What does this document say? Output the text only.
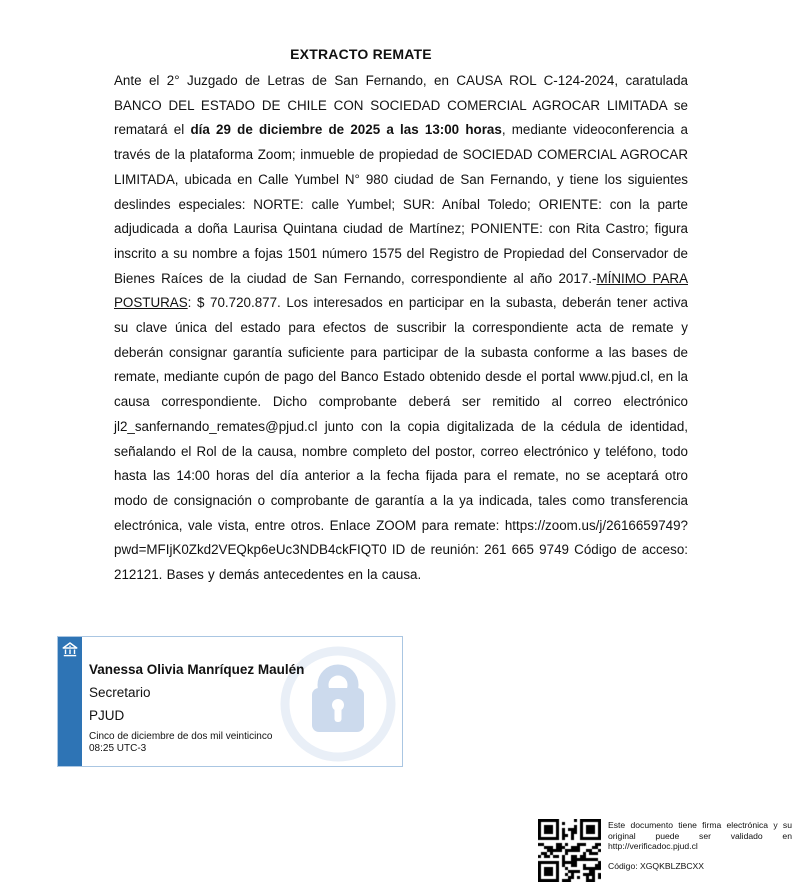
EXTRACTO REMATE
Ante el 2° Juzgado de Letras de San Fernando, en CAUSA ROL C-124-2024, caratulada BANCO DEL ESTADO DE CHILE CON SOCIEDAD COMERCIAL AGROCAR LIMITADA se rematará el día 29 de diciembre de 2025 a las 13:00 horas, mediante videoconferencia a través de la plataforma Zoom; inmueble de propiedad de SOCIEDAD COMERCIAL AGROCAR LIMITADA, ubicada en Calle Yumbel N° 980 ciudad de San Fernando, y tiene los siguientes deslindes especiales: NORTE: calle Yumbel; SUR: Aníbal Toledo; ORIENTE: con la parte adjudicada a doña Laurisa Quintana ciudad de Martínez; PONIENTE: con Rita Castro; figura inscrito a su nombre a fojas 1501 número 1575 del Registro de Propiedad del Conservador de Bienes Raíces de la ciudad de San Fernando, correspondiente al año 2017.-MÍNIMO PARA POSTURAS: $ 70.720.877. Los interesados en participar en la subasta, deberán tener activa su clave única del estado para efectos de suscribir la correspondiente acta de remate y deberán consignar garantía suficiente para participar de la subasta conforme a las bases de remate, mediante cupón de pago del Banco Estado obtenido desde el portal www.pjud.cl, en la causa correspondiente. Dicho comprobante deberá ser remitido al correo electrónico jl2_sanfernando_remates@pjud.cl junto con la copia digitalizada de la cédula de identidad, señalando el Rol de la causa, nombre completo del postor, correo electrónico y teléfono, todo hasta las 14:00 horas del día anterior a la fecha fijada para el remate, no se aceptará otro modo de consignación o comprobante de garantía a la ya indicada, tales como transferencia electrónica, vale vista, entre otros. Enlace ZOOM para remate: https://zoom.us/j/2616659749?pwd=MFIjK0Zkd2VEQkp6eUc3NDB4ckFIQT0 ID de reunión: 261 665 9749 Código de acceso: 212121. Bases y demás antecedentes en la causa.
Vanessa Olivia Manríquez Maulén
Secretario
PJUD
Cinco de diciembre de dos mil veinticinco
08:25 UTC-3

Este documento tiene firma electrónica y su original puede ser validado en http://verificadoc.pjud.cl

Código: XGQKBLZBCXX
